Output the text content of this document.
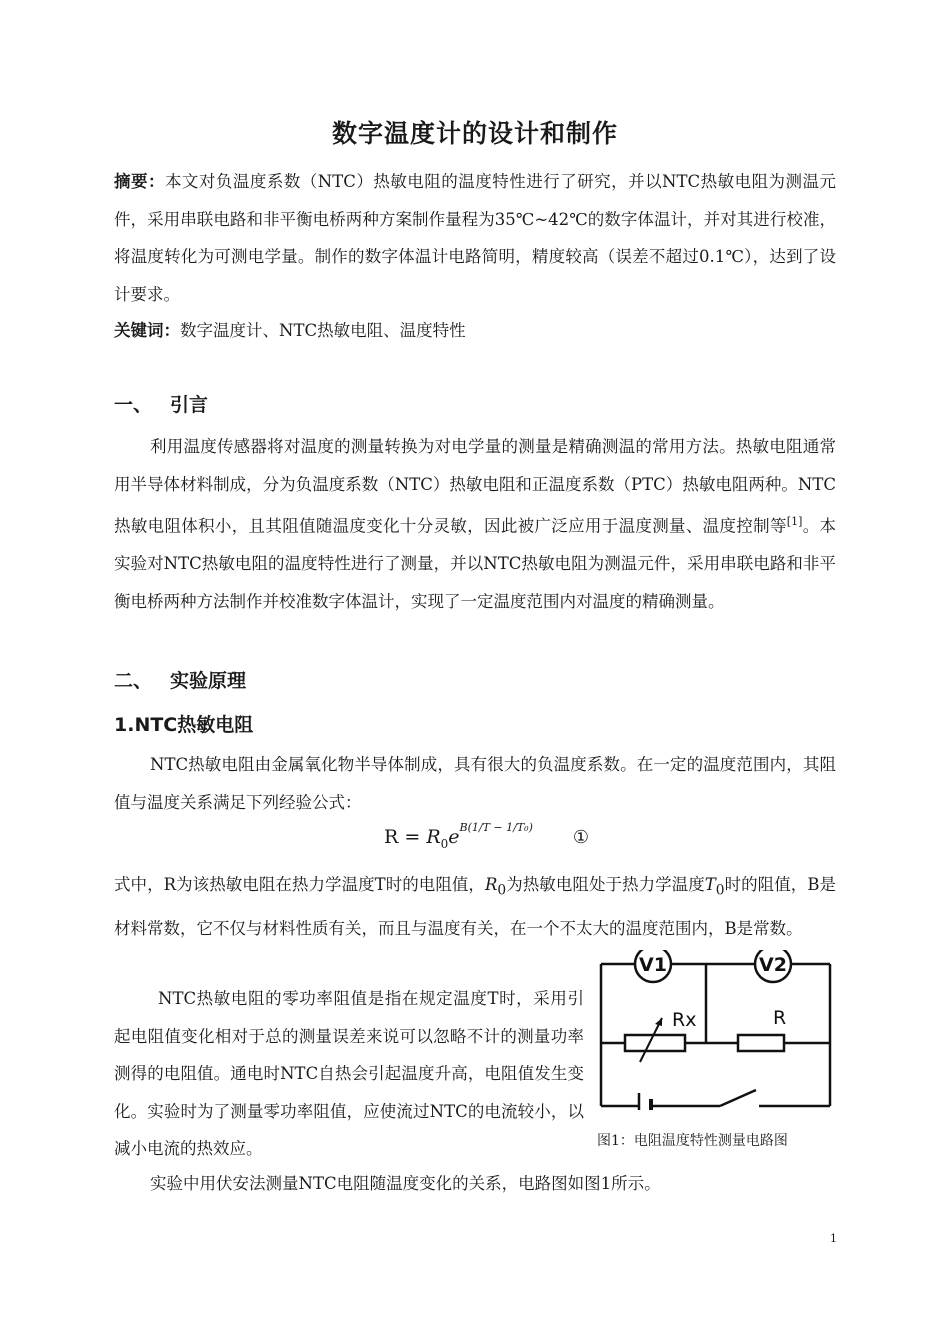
数字温度计的设计和制作
摘要：本文对负温度系数（NTC）热敏电阻的温度特性进行了研究，并以NTC热敏电阻为测温元件，采用串联电路和非平衡电桥两种方案制作量程为35℃~42℃的数字体温计，并对其进行校准，将温度转化为可测电学量。制作的数字体温计电路简明，精度较高（误差不超过0.1℃），达到了设计要求。
关键词：数字温度计、NTC热敏电阻、温度特性
一、 引言
利用温度传感器将对温度的测量转换为对电学量的测量是精确测温的常用方法。热敏电阻通常用半导体材料制成，分为负温度系数（NTC）热敏电阻和正温度系数（PTC）热敏电阻两种。NTC热敏电阻体积小，且其阻值随温度变化十分灵敏，因此被广泛应用于温度测量、温度控制等[1]。本实验对NTC热敏电阻的温度特性进行了测量，并以NTC热敏电阻为测温元件，采用串联电路和非平衡电桥两种方法制作并校准数字体温计，实现了一定温度范围内对温度的精确测量。
二、 实验原理
1.NTC热敏电阻
NTC热敏电阻由金属氧化物半导体制成，具有很大的负温度系数。在一定的温度范围内，其阻值与温度关系满足下列经验公式：
$R = R_0e^{B(1/T - 1/T_0)}$ ①
式中，R为该热敏电阻在热力学温度T时的电阻值，$R_0$为热敏电阻处于热力学温度$T_0$时的阻值，B是材料常数，它不仅与材料性质有关，而且与温度有关，在一个不太大的温度范围内，B是常数。
NTC热敏电阻的零功率阻值是指在规定温度T时，采用引起电阻值变化相对于总的测量误差来说可以忽略不计的测量功率测得的电阻值。通电时NTC自热会引起温度升高，电阻值发生变化。实验时为了测量零功率阻值，应使流过NTC的电流较小，以减小电流的热效应。
V1	V2
Rx	R
图1：电阻温度特性测量电路图
实验中用伏安法测量NTC电阻随温度变化的关系，电路图如图1所示。
1
